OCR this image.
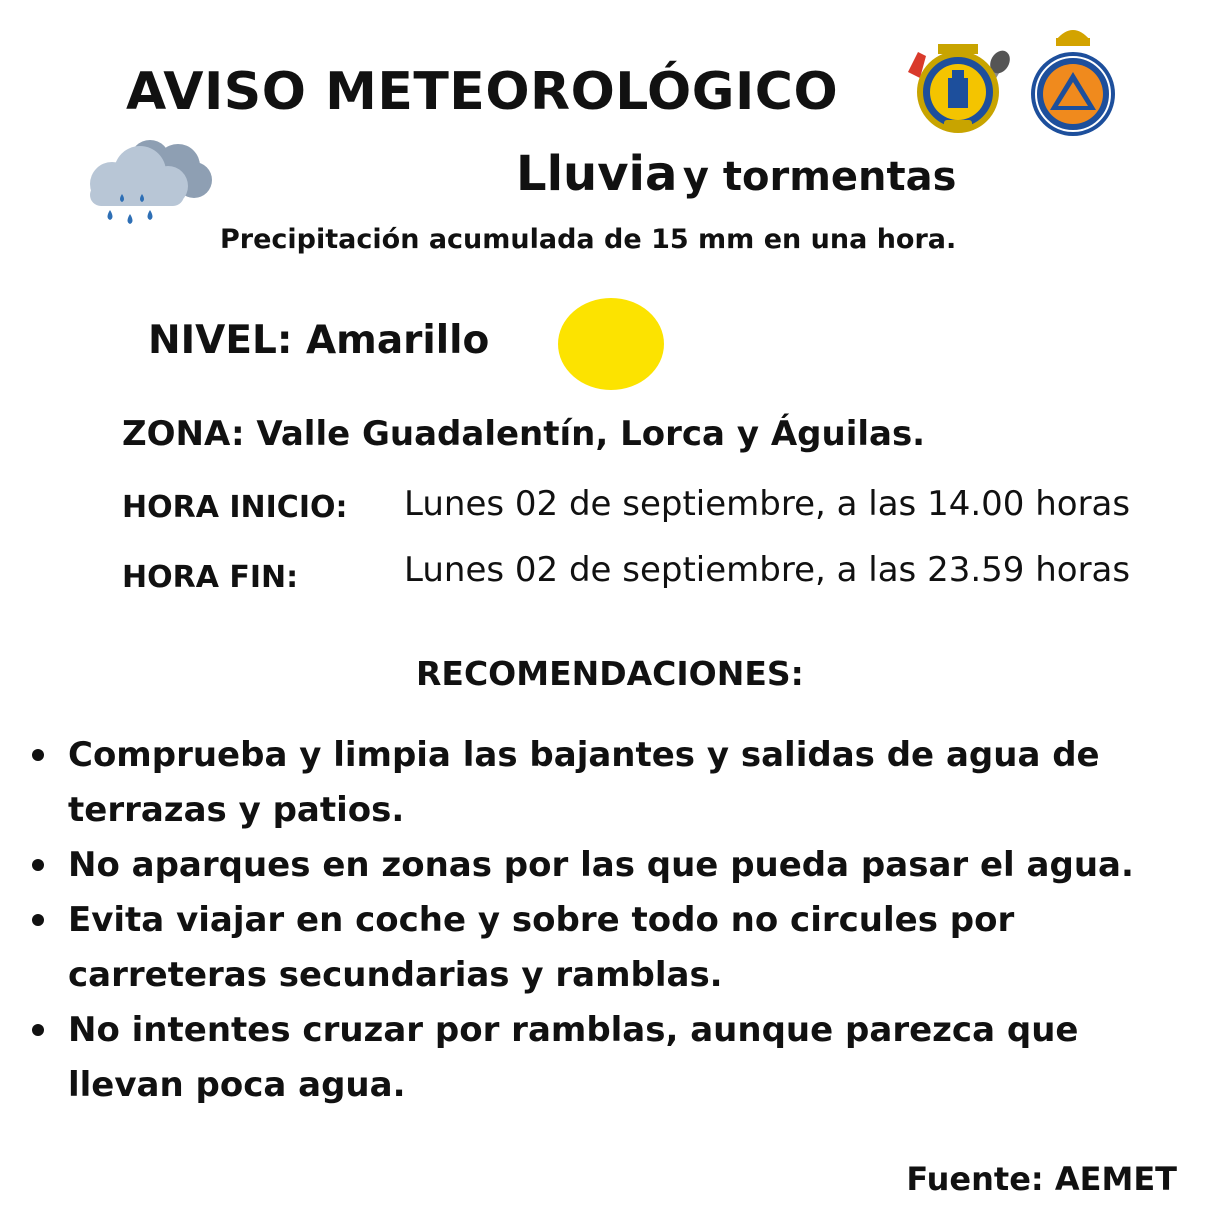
AVISO METEOROLÓGICO
Lluvia y tormentas
Precipitación acumulada de 15 mm en una hora.
NIVEL: Amarillo
ZONA: Valle Guadalentín, Lorca y Águilas.
HORA INICIO: Lunes 02 de septiembre, a las 14.00 horas
HORA FIN:	Lunes 02 de septiembre, a las 23.59 horas
RECOMENDACIONES:
Comprueba y limpia las bajantes y salidas de agua de terrazas y patios.
No aparques en zonas por las que pueda pasar el agua.
Evita viajar en coche y sobre todo no circules por carreteras secundarias y ramblas.
No intentes cruzar por ramblas, aunque parezca que llevan poca agua.
Fuente: AEMET
